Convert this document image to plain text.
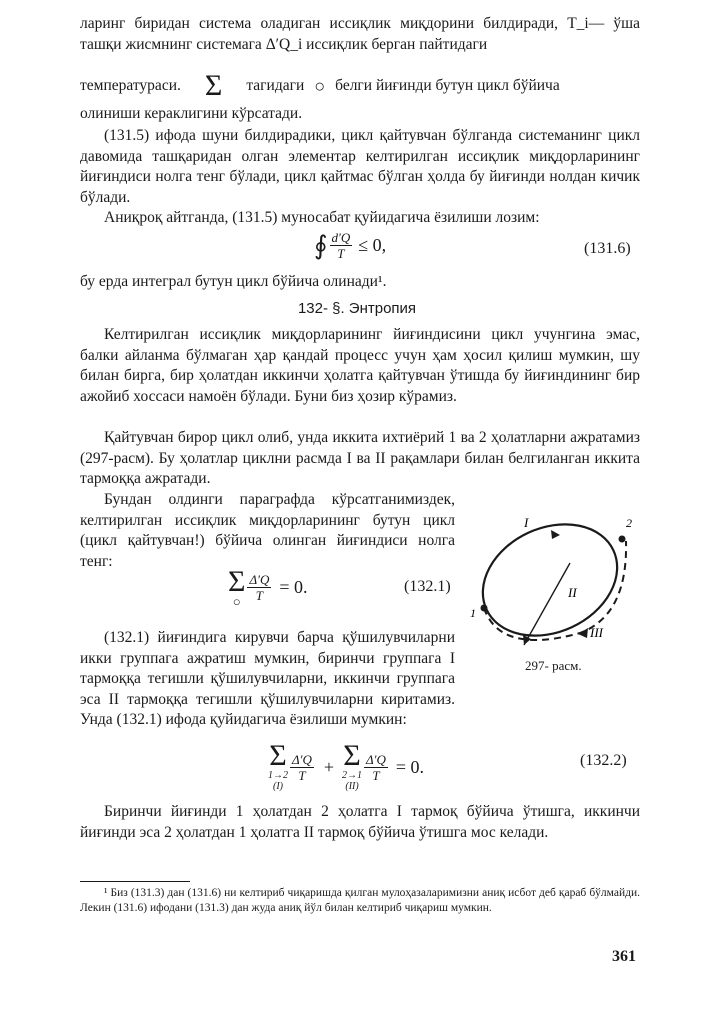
ларинг биридан система оладиган иссиқлик миқдорини билдиради, T_i— ўша ташқи жисмнинг системага Δ′Q_i иссиқлик берган пайтидаги

температураси. Σ тагидаги ○ белги йиғинди бутун цикл бўйича

олиниши кераклигини кўрсатади.

(131.5) ифода шуни билдирадики, цикл қайтувчан бўлганда системанинг цикл давомида ташқаридан олган элементар келтирилган иссиқлик миқдорларининг йиғиндиси нолга тенг бўлади, цикл қайтмас бўлган ҳолда бу йиғинди нолдан кичик бўлади.

Аниқроқ айтганда, (131.5) муносабат қуйидагича ёзилиши лозим:

∮ $\frac{d'Q}{T} \le 0$,	(131.6)

бу ерда интеграл бутун цикл бўйича олинади¹.

132- §. Энтропия

Келтирилган иссиқлик миқдорларининг йиғиндисини цикл учунгина эмас, балки айланма бўлмаган ҳар қандай процесс учун ҳам ҳосил қилиш мумкин, шу билан бирга, бир ҳолатдан иккинчи ҳолатга қайтувчан ўтишда бу йиғиндининг бир ажойиб хоссаси намоён бўлади. Буни биз ҳозир кўрамиз.

Қайтувчан бирор цикл олиб, унда иккита ихтиёрий 1 ва 2 ҳолатларни ажратамиз (297-расм). Бу ҳолатлар циклни расмда I ва II рақамлари билан белгиланган иккита тармоққа ажратади.

Бундан олдинги параграфда кўрсатганимиздек, келтирилган иссиқлик миқдорларининг бутун цикл (цикл қайтувчан!) бўйича олинган йиғиндиси нолга тенг:

Σ
○ $\frac{\Delta'Q}{T} = 0$.	(132.1)
I
II
III
1
2
297- расм.

(132.1) йиғиндига кирувчи барча қўшилувчиларни икки группага ажратиш мумкин, биринчи группага I тармоққа тегишли қўшилувчиларни, иккинчи группага эса II тармоққа тегишли қўшилувчиларни киритамиз. Унда (132.1) ифода қуйидагича ёзилиши мумкин:

Σ
1→2
(I)
$\frac{\Delta'Q}{T} + \Sigma$
2→1
(II)
$\frac{\Delta'Q}{T} = 0$.	(132.2)

Биринчи йиғинди 1 ҳолатдан 2 ҳолатга I тармоқ бўйича ўтишга, иккинчи йиғинди эса 2 ҳолатдан 1 ҳолатга II тармоқ бўйича ўтишга мос келади.

¹ Биз (131.3) дан (131.6) ни келтириб чиқаришда қилган мулоҳазаларимизни аниқ исбот деб қараб бўлмайди. Лекин (131.6) ифодани (131.3) дан жуда аниқ йўл билан келтириб чиқариш мумкин.

361
